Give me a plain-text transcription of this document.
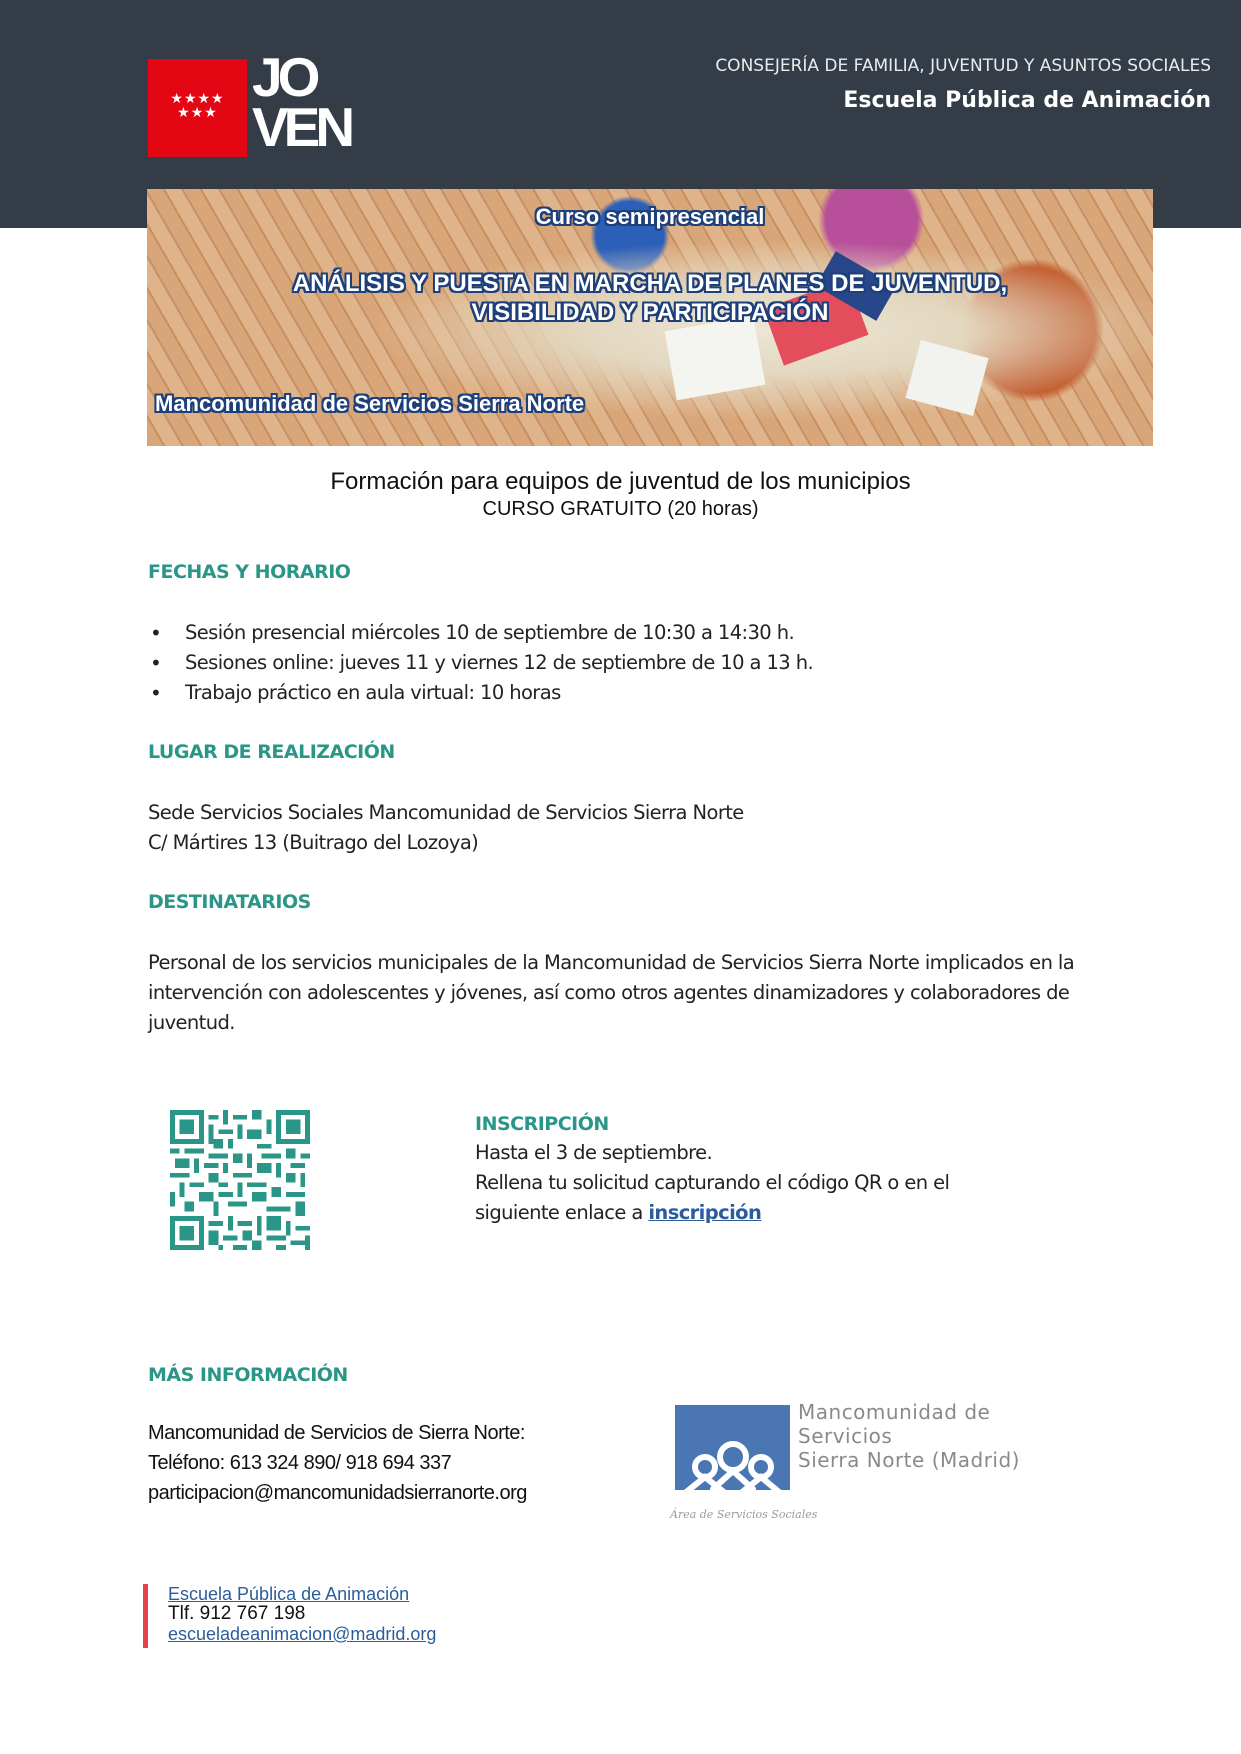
★★★★
★★★
JO
VEN
CONSEJERÍA DE FAMILIA, JUVENTUD Y ASUNTOS SOCIALES
Escuela Pública de Animación
Curso semipresencial
ANÁLISIS Y PUESTA EN MARCHA DE PLANES DE JUVENTUD,
VISIBILIDAD Y PARTICIPACIÓN
Mancomunidad de Servicios Sierra Norte
Formación para equipos de juventud de los municipios
CURSO GRATUITO (20 horas)
FECHAS Y HORARIO
• Sesión presencial miércoles 10 de septiembre de 10:30 a 14:30 h.
• Sesiones online: jueves 11 y viernes 12 de septiembre de 10 a 13 h.
• Trabajo práctico en aula virtual: 10 horas
LUGAR DE REALIZACIÓN
Sede Servicios Sociales Mancomunidad de Servicios Sierra Norte
C/ Mártires 13 (Buitrago del Lozoya)
DESTINATARIOS
Personal de los servicios municipales de la Mancomunidad de Servicios Sierra Norte implicados en la
intervención con adolescentes y jóvenes, así como otros agentes dinamizadores y colaboradores de
juventud.
INSCRIPCIÓN
Hasta el 3 de septiembre.
Rellena tu solicitud capturando el código QR o en el
siguiente enlace a inscripción
MÁS INFORMACIÓN
Mancomunidad de Servicios de Sierra Norte:
Teléfono: 613 324 890/ 918 694 337
participacion@mancomunidadsierranorte.org
Mancomunidad de
Servicios
Sierra Norte (Madrid)
Área de Servicios Sociales
Escuela Pública de Animación
Tlf. 912 767 198
escueladeanimacion@madrid.org
